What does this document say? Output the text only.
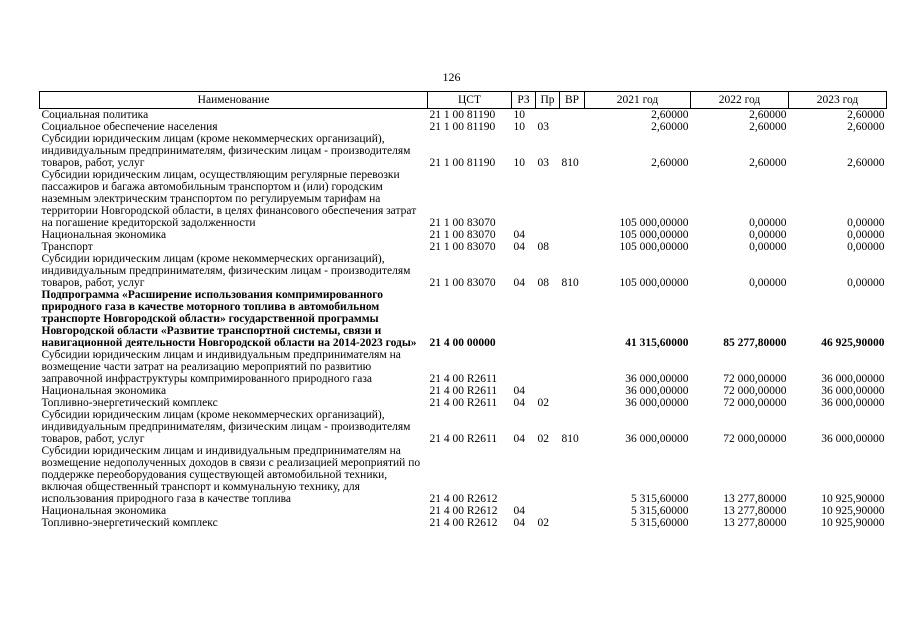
126
Наименование	ЦСТ	РЗ	Пр	ВР	2021 год	2022 год	2023 год
Социальная политика	21 1 00 81190	10			2,60000	2,60000	2,60000
Социальное обеспечение населения	21 1 00 81190	10	03		2,60000	2,60000	2,60000
Субсидии юридическим лицам (кроме некоммерческих организаций), индивидуальным предпринимателям, физическим лицам - производителям товаров, работ, услуг	21 1 00 81190	10	03	810	2,60000	2,60000	2,60000
Субсидии юридическим лицам, осуществляющим регулярные перевозки пассажиров и багажа автомобильным транспортом и (или) городским наземным электрическим транспортом по регулируемым тарифам на территории Новгородской области, в целях финансового обеспечения затрат на погашение кредиторской задолженности	21 1 00 83070				105 000,00000	0,00000	0,00000
Национальная экономика	21 1 00 83070	04			105 000,00000	0,00000	0,00000
Транспорт	21 1 00 83070	04	08		105 000,00000	0,00000	0,00000
Субсидии юридическим лицам (кроме некоммерческих организаций), индивидуальным предпринимателям, физическим лицам - производителям товаров, работ, услуг	21 1 00 83070	04	08	810	105 000,00000	0,00000	0,00000
Подпрограмма «Расширение использования компримированного природного газа в качестве моторного топлива в автомобильном транспорте Новгородской области» государственной программы Новгородской области «Развитие транспортной системы, связи и навигационной деятельности Новгородской области на 2014-2023 годы»	21 4 00 00000				41 315,60000	85 277,80000	46 925,90000
Субсидии юридическим лицам и индивидуальным предпринимателям на возмещение части затрат на реализацию мероприятий по развитию заправочной инфраструктуры компримированного природного газа	21 4 00 R2611				36 000,00000	72 000,00000	36 000,00000
Национальная экономика	21 4 00 R2611	04			36 000,00000	72 000,00000	36 000,00000
Топливно-энергетический комплекс	21 4 00 R2611	04	02		36 000,00000	72 000,00000	36 000,00000
Субсидии юридическим лицам (кроме некоммерческих организаций), индивидуальным предпринимателям, физическим лицам - производителям товаров, работ, услуг	21 4 00 R2611	04	02	810	36 000,00000	72 000,00000	36 000,00000
Субсидии юридическим лицам и индивидуальным предпринимателям на возмещение недополученных доходов в связи с реализацией мероприятий по поддержке переоборудования существующей автомобильной техники, включая общественный транспорт и коммунальную технику, для использования природного газа в качестве топлива	21 4 00 R2612				5 315,60000	13 277,80000	10 925,90000
Национальная экономика	21 4 00 R2612	04			5 315,60000	13 277,80000	10 925,90000
Топливно-энергетический комплекс	21 4 00 R2612	04	02		5 315,60000	13 277,80000	10 925,90000
